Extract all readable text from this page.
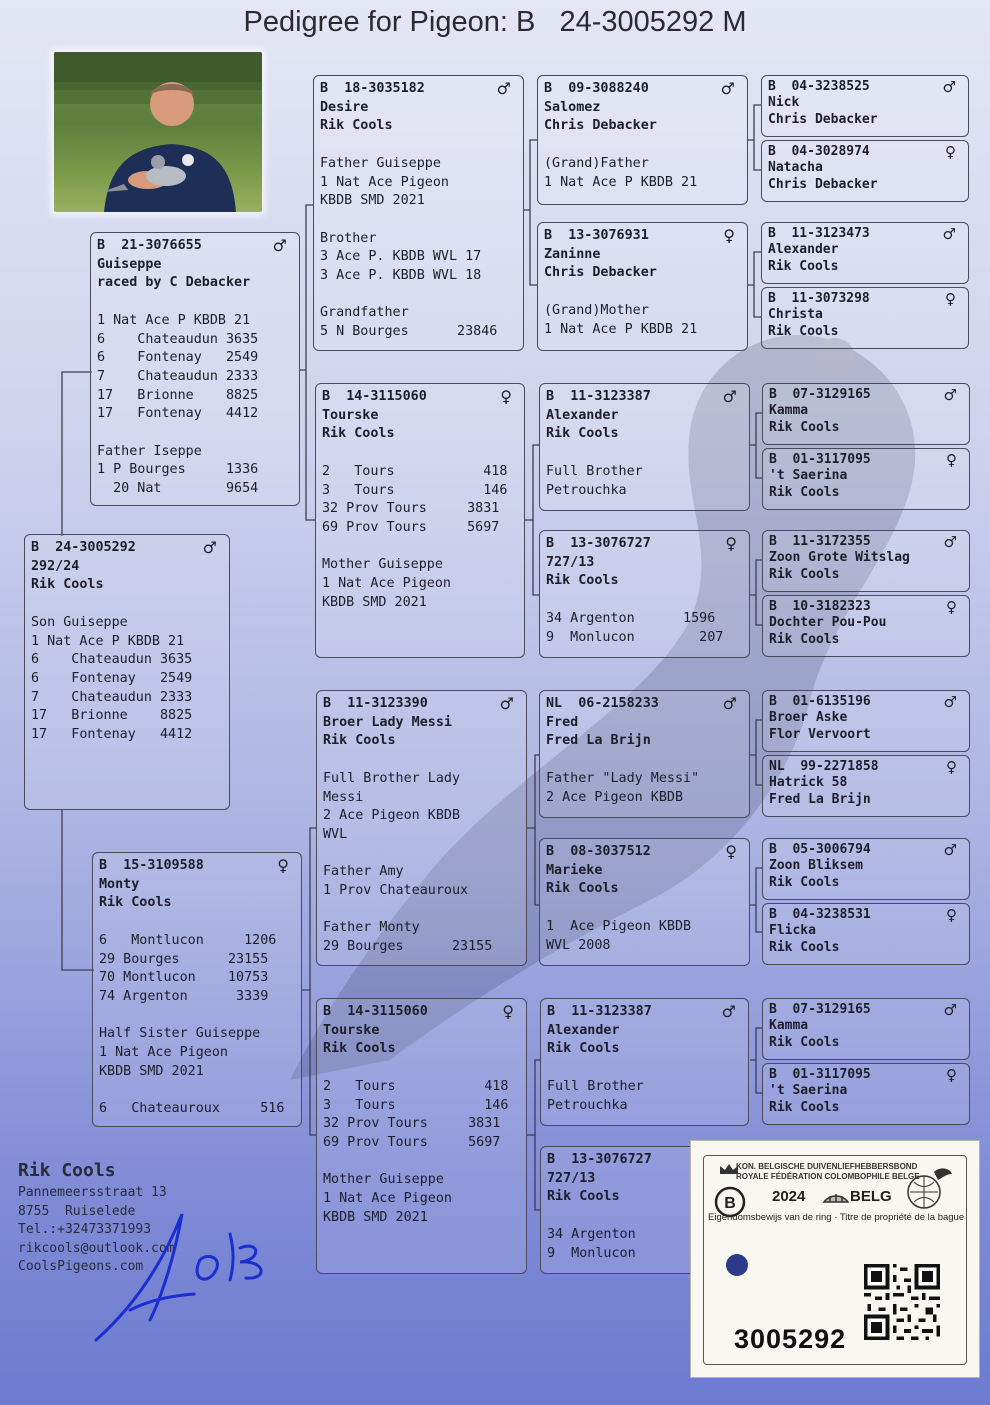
Pedigree for Pigeon: B   24-3005292 M
B 24-3005292	♂
292/24
Rik Cools
Son Guiseppe
1 Nat Ace P KBDB 21
6    Chateaudun 3635
6    Fontenay   2549
7    Chateaudun 2333
17   Brionne    8825
17   Fontenay   4412
B 21-3076655	♂
Guiseppe
raced by C Debacker
1 Nat Ace P KBDB 21
6    Chateaudun 3635
6    Fontenay   2549
7    Chateaudun 2333
17   Brionne    8825
17   Fontenay   4412
Father Iseppe
1 P Bourges     1336
20 Nat        9654
B 15-3109588	♀
Monty
Rik Cools
6   Montlucon     1206
29 Bourges      23155
70 Montlucon    10753
74 Argenton      3339
Half Sister Guiseppe
1 Nat Ace Pigeon
KBDB SMD 2021
6   Chateauroux     516
B 18-3035182	♂
Desire
Rik Cools
Father Guiseppe
1 Nat Ace Pigeon
KBDB SMD 2021
Brother
3 Ace P. KBDB WVL 17
3 Ace P. KBDB WVL 18
Grandfather
5 N Bourges      23846
B 14-3115060	♀
Tourske
Rik Cools
2   Tours           418
3   Tours           146
32 Prov Tours     3831
69 Prov Tours     5697
Mother Guiseppe
1 Nat Ace Pigeon
KBDB SMD 2021
B 11-3123390	♂
Broer Lady Messi
Rik Cools
Full Brother Lady
Messi
2 Ace Pigeon KBDB
WVL
Father Amy
1 Prov Chateauroux
Father Monty
29 Bourges      23155
B 14-3115060	♀
Tourske
Rik Cools
2   Tours           418
3   Tours           146
32 Prov Tours     3831
69 Prov Tours     5697
Mother Guiseppe
1 Nat Ace Pigeon
KBDB SMD 2021
B 09-3088240	♂
Salomez
Chris Debacker
(Grand)Father
1 Nat Ace P KBDB 21
B 13-3076931	♀
Zaninne
Chris Debacker
(Grand)Mother
1 Nat Ace P KBDB 21
B 11-3123387	♂
Alexander
Rik Cools
Full Brother
Petrouchka
B 13-3076727	♀
727/13
Rik Cools
34 Argenton      1596
9  Monlucon        207
NL 06-2158233	♂
Fred
Fred La Brijn
Father "Lady Messi"
2 Ace Pigeon KBDB
B 08-3037512	♀
Marieke
Rik Cools
1  Ace Pigeon KBDB
WVL 2008
B 11-3123387	♂
Alexander
Rik Cools
Full Brother
Petrouchka
B 13-3076727
727/13
Rik Cools
34 Argenton
9  Monlucon
B 04-3238525	♂
Nick
Chris Debacker
B 04-3028974	♀
Natacha
Chris Debacker
B 11-3123473	♂
Alexander
Rik Cools
B 11-3073298	♀
Christa
Rik Cools
B 07-3129165	♂
Kamma
Rik Cools
B 01-3117095	♀
't Saerina
Rik Cools
B 11-3172355	♂
Zoon Grote Witslag
Rik Cools
B 10-3182323	♀
Dochter Pou-Pou
Rik Cools
B 01-6135196	♂
Broer Aske
Flor Vervoort
NL 99-2271858	♀
Hatrick 58
Fred La Brijn
B 05-3006794	♂
Zoon Bliksem
Rik Cools
B 04-3238531	♀
Flicka
Rik Cools
B 07-3129165	♂
Kamma
Rik Cools
B 01-3117095	♀
't Saerina
Rik Cools
Rik Cools
Pannemeersstraat 13
8755  Ruiselede
Tel.:+32473371993
rikcools@outlook.com
CoolsPigeons.com
B
KON. BELGISCHE DUIVENLIEFHEBBERSBOND
ROYALE FÉDÉRATION COLOMBOPHILE BELGE
2024	BELG
Eigendomsbewijs van de ring · Titre de propriété de la bague
3005292
